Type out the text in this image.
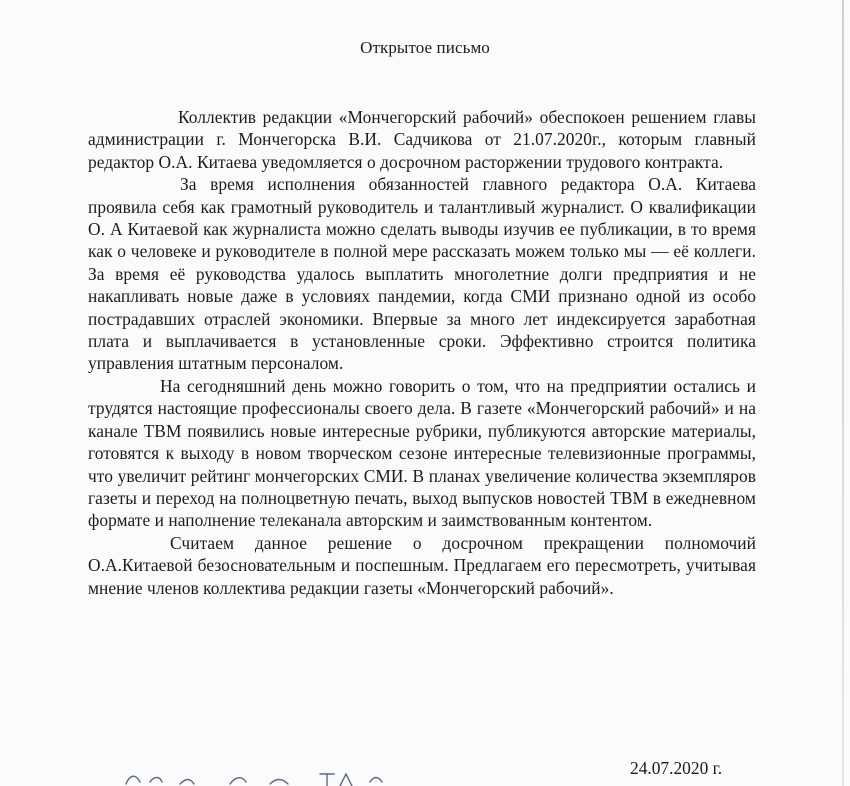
Открытое письмо

Коллектив редакции «Мончегорский рабочий» обеспокоен решением главы администрации г. Мончегорска В.И. Садчикова от 21.07.2020г., которым главный редактор О.А. Китаева уведомляется о досрочном расторжении трудового контракта.

За время исполнения обязанностей главного редактора О.А. Китаева проявила себя как грамотный руководитель и талантливый журналист. О квалификации О. А Китаевой как журналиста можно сделать выводы изучив ее публикации, в то время как о человеке и руководителе в полной мере рассказать можем только мы — её коллеги. За время её руководства удалось выплатить многолетние долги предприятия и не накапливать новые даже в условиях пандемии, когда СМИ признано одной из особо пострадавших отраслей экономики. Впервые за много лет индексируется заработная плата и выплачивается в установленные сроки. Эффективно строится политика управления штатным персоналом.

На сегодняшний день можно говорить о том, что на предприятии остались и трудятся настоящие профессионалы своего дела. В газете «Мончегорский рабочий» и на канале ТВМ появились новые интересные рубрики, публикуются авторские материалы, готовятся к выходу в новом творческом сезоне интересные телевизионные программы, что увеличит рейтинг мончегорских СМИ. В планах увеличение количества экземпляров газеты и переход на полноцветную печать, выход выпусков новостей ТВМ в ежедневном формате и наполнение телеканала авторским и заимствованным контентом.

Считаем данное решение о досрочном прекращении полномочий О.А.Китаевой безосновательным и поспешным. Предлагаем его пересмотреть, учитывая мнение членов коллектива редакции газеты «Мончегорский рабочий».

24.07.2020 г.
